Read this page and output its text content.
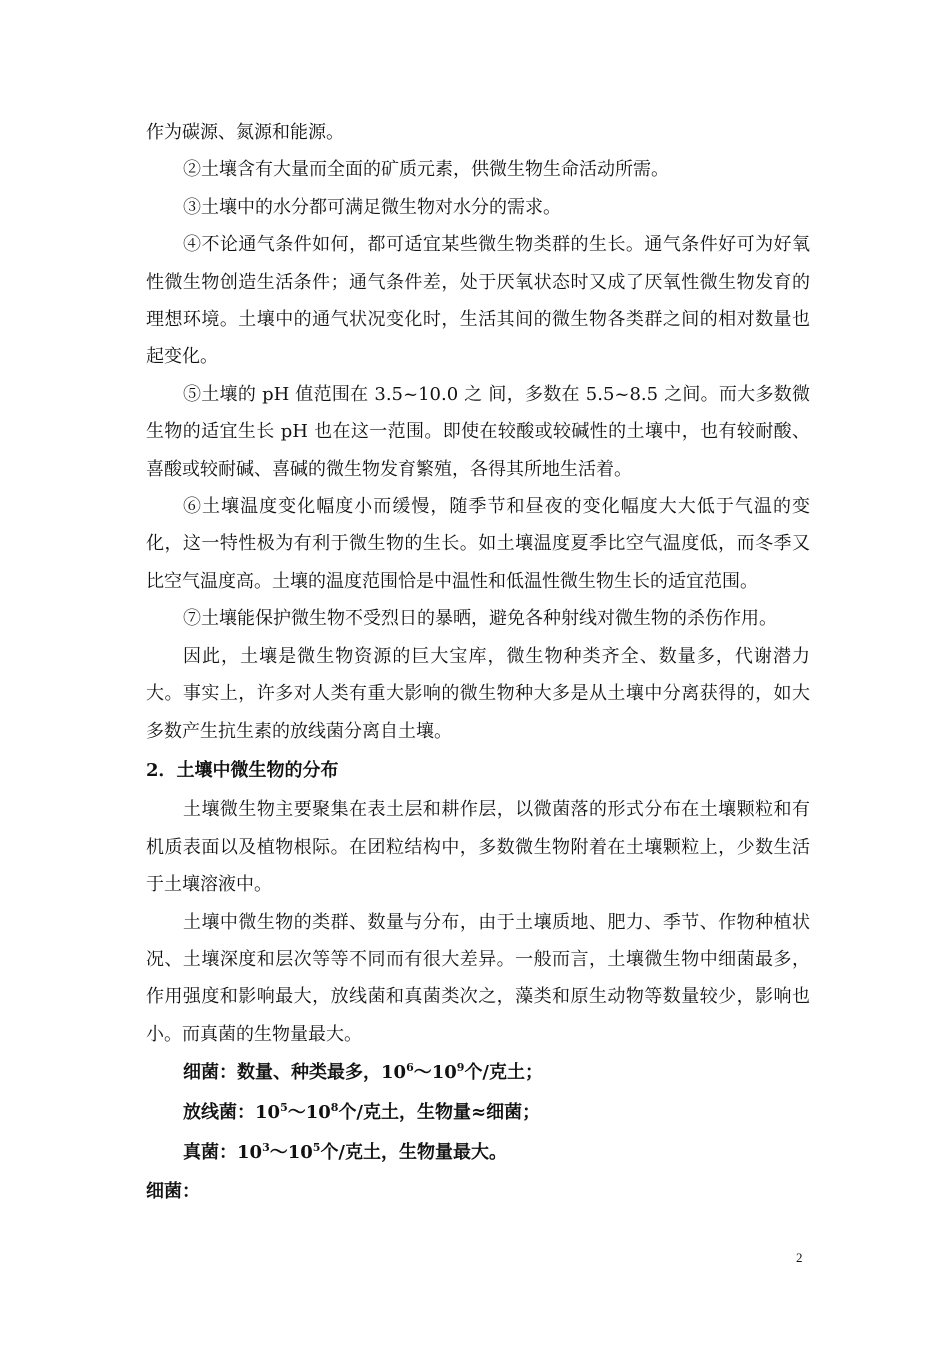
作为碳源、氮源和能源。

②土壤含有大量而全面的矿质元素，供微生物生命活动所需。

③土壤中的水分都可满足微生物对水分的需求。

④不论通气条件如何，都可适宜某些微生物类群的生长。通气条件好可为好氧性微生物创造生活条件；通气条件差，处于厌氧状态时又成了厌氧性微生物发育的理想环境。土壤中的通气状况变化时，生活其间的微生物各类群之间的相对数量也起变化。

⑤土壤的 pH 值范围在 3.5~10.0 之 间，多数在 5.5~8.5 之间。而大多数微生物的适宜生长 pH 也在这一范围。即使在较酸或较碱性的土壤中，也有较耐酸、喜酸或较耐碱、喜碱的微生物发育繁殖，各得其所地生活着。

⑥土壤温度变化幅度小而缓慢，随季节和昼夜的变化幅度大大低于气温的变化，这一特性极为有利于微生物的生长。如土壤温度夏季比空气温度低，而冬季又比空气温度高。土壤的温度范围恰是中温性和低温性微生物生长的适宜范围。

⑦土壤能保护微生物不受烈日的暴晒，避免各种射线对微生物的杀伤作用。

因此，土壤是微生物资源的巨大宝库，微生物种类齐全、数量多，代谢潜力大。事实上，许多对人类有重大影响的微生物种大多是从土壤中分离获得的，如大多数产生抗生素的放线菌分离自土壤。

2．土壤中微生物的分布

土壤微生物主要聚集在表土层和耕作层，以微菌落的形式分布在土壤颗粒和有机质表面以及植物根际。在团粒结构中，多数微生物附着在土壤颗粒上，少数生活于土壤溶液中。

土壤中微生物的类群、数量与分布，由于土壤质地、肥力、季节、作物种植状况、土壤深度和层次等等不同而有很大差异。一般而言，土壤微生物中细菌最多，作用强度和影响最大，放线菌和真菌类次之，藻类和原生动物等数量较少，影响也小。而真菌的生物量最大。

细菌：数量、种类最多，$10^6\sim 10^9$个/克土；

放线菌：$10^5\sim 10^8$个/克土，生物量≈细菌；

真菌：$10^3\sim 10^5$个/克土，生物量最大。

细菌：

2
